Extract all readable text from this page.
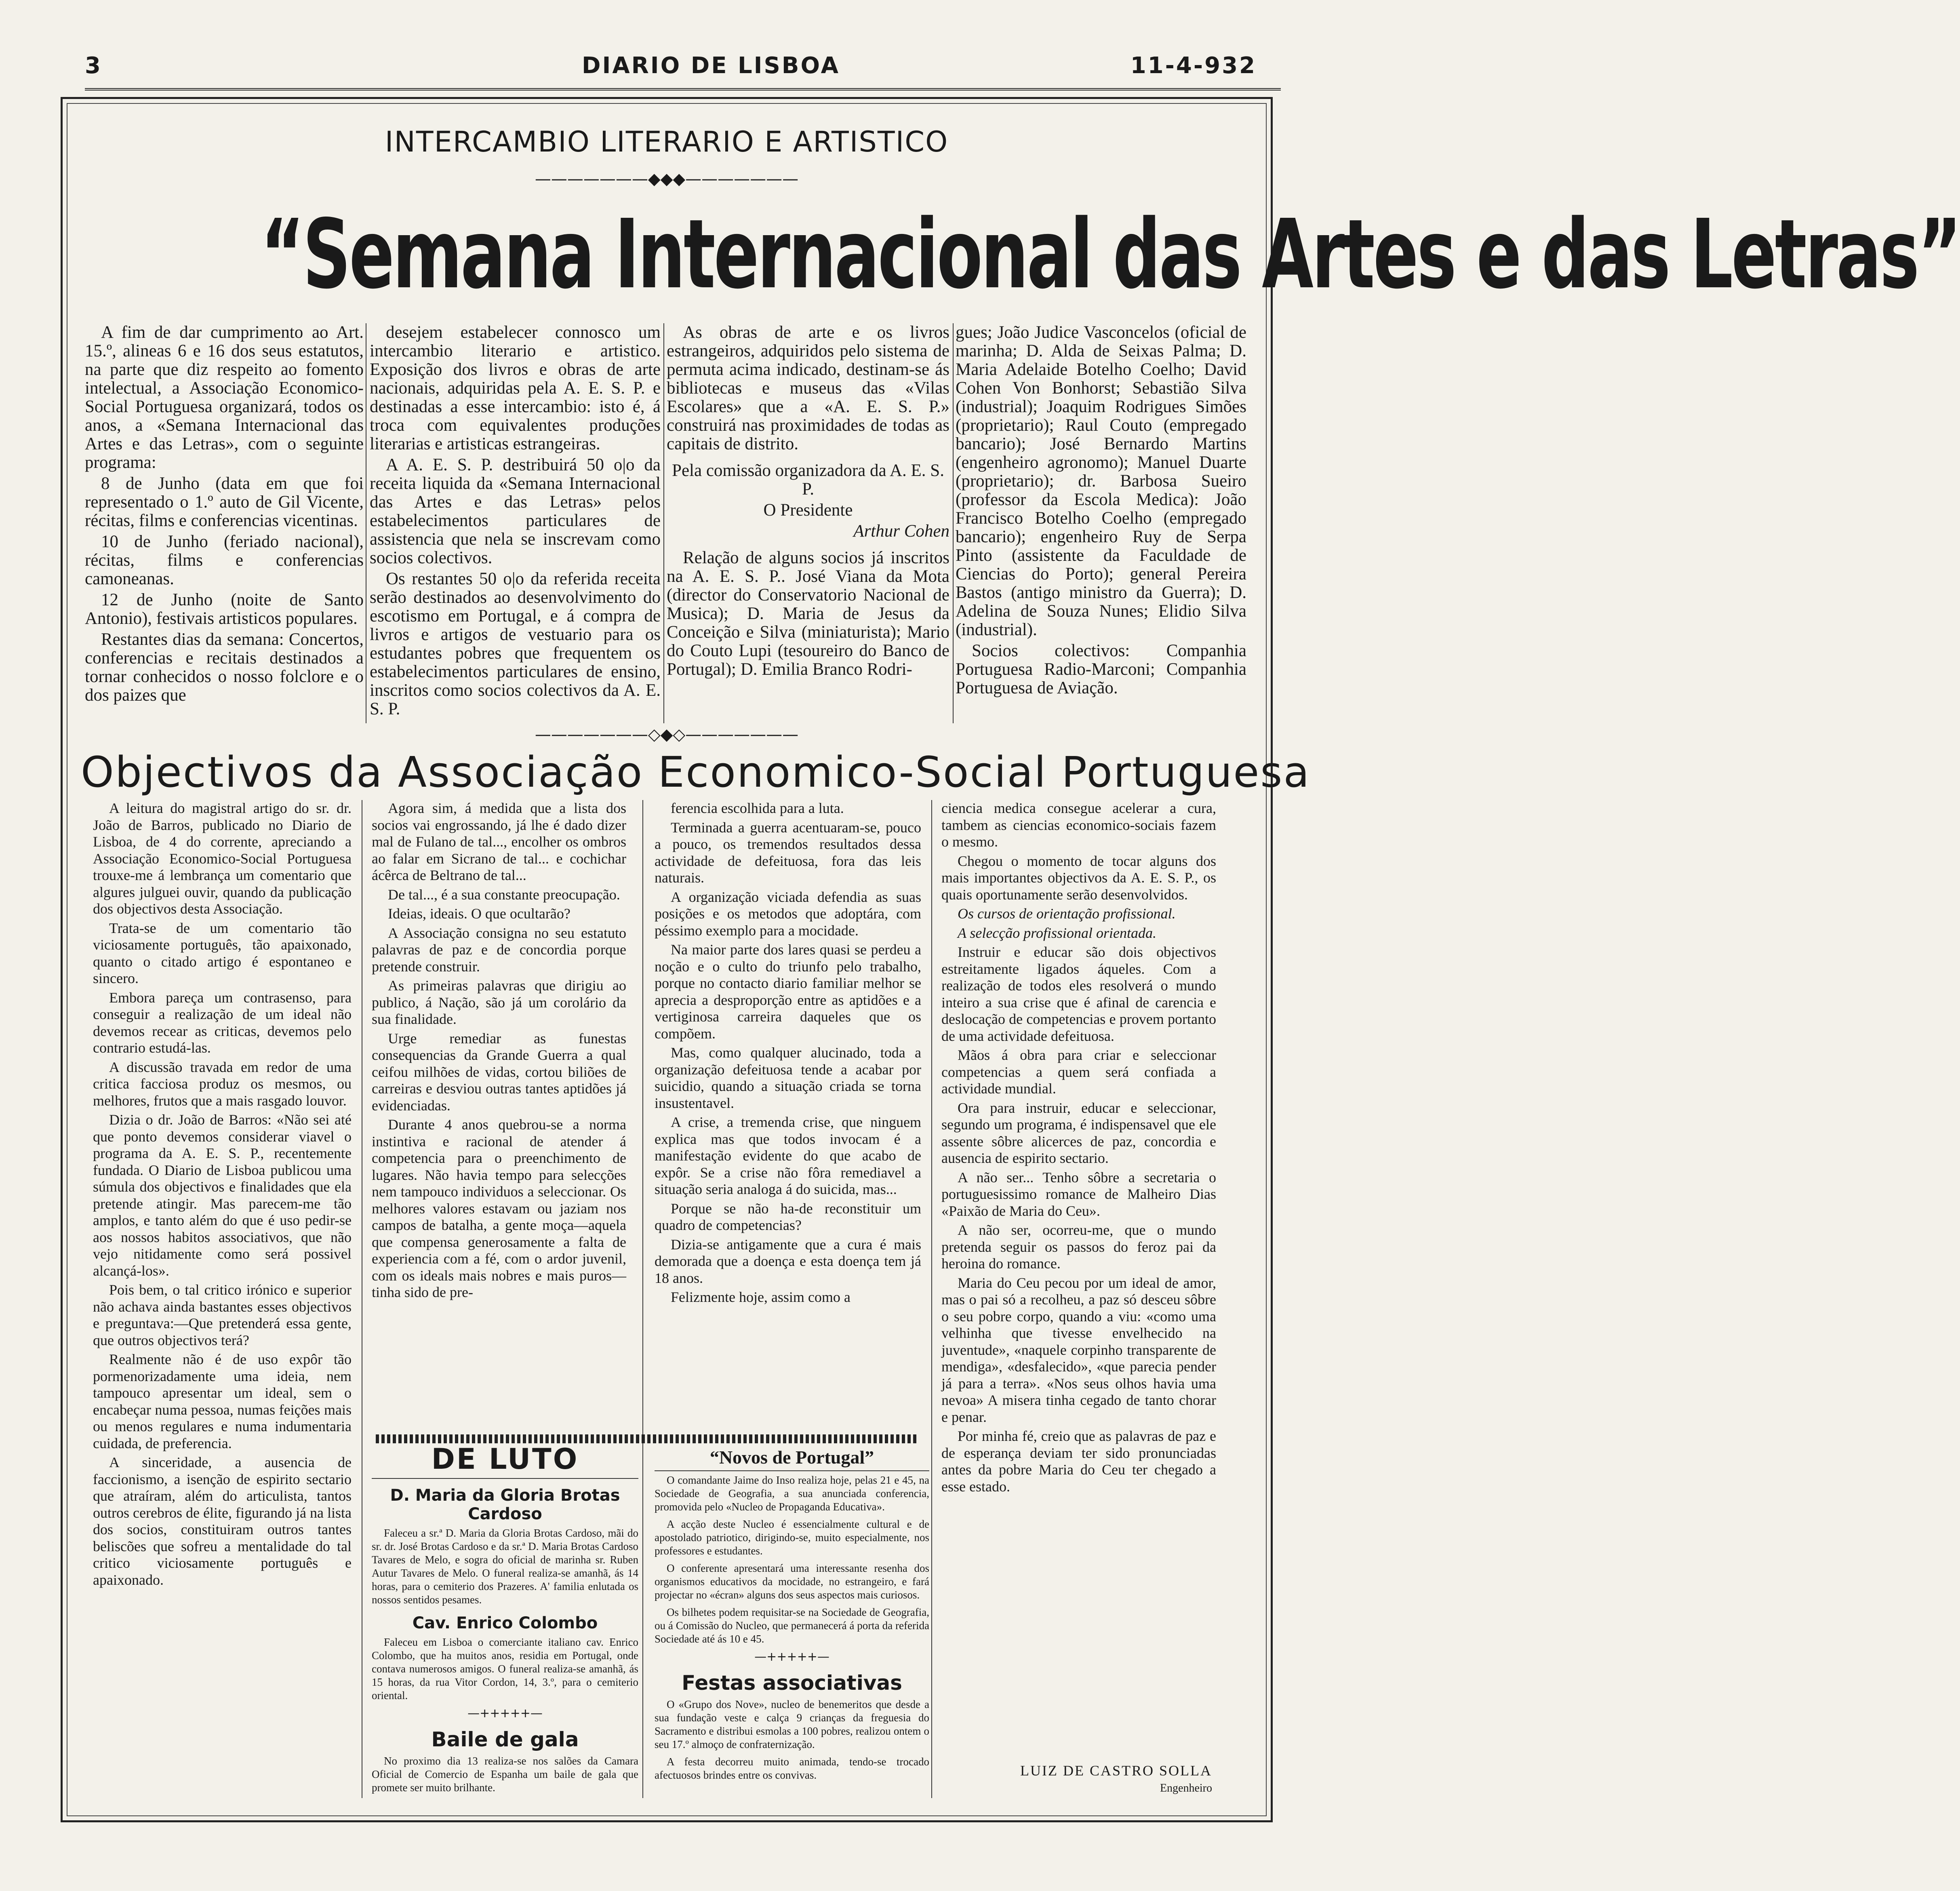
3	DIARIO DE LISBOA	11-4-932
INTERCAMBIO LITERARIO E ARTISTICO
———————◆◆◆———————
“Semana Internacional das Artes e das Letras”

A fim de dar cumprimento ao Art. 15.º, alineas 6 e 16 dos seus estatutos, na parte que diz respeito ao fomento intelectual, a Associação Economico-Social Portuguesa organizará, todos os anos, a «Semana Internacional das Artes e das Letras», com o seguinte programa:

8 de Junho (data em que foi representado o 1.º auto de Gil Vicente, récitas, films e conferencias vicentinas.

10 de Junho (feriado nacional), récitas, films e conferencias camoneanas.

12 de Junho (noite de Santo Antonio), festivais artisticos populares.

Restantes dias da semana: Concertos, conferencias e recitais destinados a tornar conhecidos o nosso folclore e o dos paizes que

desejem estabelecer connosco um intercambio literario e artistico. Exposição dos livros e obras de arte nacionais, adquiridas pela A. E. S. P. e destinadas a esse intercambio: isto é, á troca com equivalentes produções literarias e artisticas estrangeiras.

A A. E. S. P. destribuirá 50 o|o da receita liquida da «Semana Internacional das Artes e das Letras» pelos estabelecimentos particulares de assistencia que nela se inscrevam como socios colectivos.

Os restantes 50 o|o da referida receita serão destinados ao desenvolvimento do escotismo em Portugal, e á compra de livros e artigos de vestuario para os estudantes pobres que frequentem os estabelecimentos particulares de ensino, inscritos como socios colectivos da A. E. S. P.

As obras de arte e os livros estrangeiros, adquiridos pelo sistema de permuta acima indicado, destinam-se ás bibliotecas e museus das «Vilas Escolares» que a «A. E. S. P.» construirá nas proximidades de todas as capitais de distrito.

Pela comissão organizadora da A. E. S. P.

O Presidente

Arthur Cohen

Relação de alguns socios já inscritos na A. E. S. P.. José Viana da Mota (director do Conservatorio Nacional de Musica); D. Maria de Jesus da Conceição e Silva (miniaturista); Mario do Couto Lupi (tesoureiro do Banco de Portugal); D. Emilia Branco Rodri-

gues; João Judice Vasconcelos (oficial de marinha; D. Alda de Seixas Palma; D. Maria Adelaide Botelho Coelho; David Cohen Von Bonhorst; Sebastião Silva (industrial); Joaquim Rodrigues Simões (proprietario); Raul Couto (empregado bancario); José Bernardo Martins (engenheiro agronomo); Manuel Duarte (proprietario); dr. Barbosa Sueiro (professor da Escola Medica): João Francisco Botelho Coelho (empregado bancario); engenheiro Ruy de Serpa Pinto (assistente da Faculdade de Ciencias do Porto); general Pereira Bastos (antigo ministro da Guerra); D. Adelina de Souza Nunes; Elidio Silva (industrial).

Socios colectivos: Companhia Portuguesa Radio-Marconi; Companhia Portuguesa de Aviação.

———————◇◆◇———————
Objectivos da Associação Economico-Social Portuguesa

A leitura do magistral artigo do sr. dr. João de Barros, publicado no Diario de Lisboa, de 4 do corrente, apreciando a Associação Economico-Social Portuguesa trouxe-me á lembrança um comentario que algures julguei ouvir, quando da publicação dos objectivos desta Associação.

Trata-se de um comentario tão viciosamente português, tão apaixonado, quanto o citado artigo é espontaneo e sincero.

Embora pareça um contrasenso, para conseguir a realização de um ideal não devemos recear as criticas, devemos pelo contrario estudá-las.

A discussão travada em redor de uma critica facciosa produz os mesmos, ou melhores, frutos que a mais rasgado louvor.

Dizia o dr. João de Barros: «Não sei até que ponto devemos considerar viavel o programa da A. E. S. P., recentemente fundada. O Diario de Lisboa publicou uma súmula dos objectivos e finalidades que ela pretende atingir. Mas parecem-me tão amplos, e tanto além do que é uso pedir-se aos nossos habitos associativos, que não vejo nitidamente como será possivel alcançá-los».

Pois bem, o tal critico irónico e superior não achava ainda bastantes esses objectivos e preguntava:—Que pretenderá essa gente, que outros objectivos terá?

Realmente não é de uso expôr tão pormenorizadamente uma ideia, nem tampouco apresentar um ideal, sem o encabeçar numa pessoa, numas feições mais ou menos regulares e numa indumentaria cuidada, de preferencia.

A sinceridade, a ausencia de faccionismo, a isenção de espirito sectario que atraíram, além do articulista, tantos outros cerebros de élite, figurando já na lista dos socios, constituiram outros tantes beliscões que sofreu a mentalidade do tal critico viciosamente português e apaixonado.

Agora sim, á medida que a lista dos socios vai engrossando, já lhe é dado dizer mal de Fulano de tal..., encolher os ombros ao falar em Sicrano de tal... e cochichar ácêrca de Beltrano de tal...

De tal..., é a sua constante preocupação.

Ideias, ideais. O que ocultarão?

A Associação consigna no seu estatuto palavras de paz e de concordia porque pretende construir.

As primeiras palavras que dirigiu ao publico, á Nação, são já um corolário da sua finalidade.

Urge remediar as funestas consequencias da Grande Guerra a qual ceifou milhões de vidas, cortou biliões de carreiras e desviou outras tantes aptidões já evidenciadas.

Durante 4 anos quebrou-se a norma instintiva e racional de atender á competencia para o preenchimento de lugares. Não havia tempo para selecções nem tampouco individuos a seleccionar. Os melhores valores estavam ou jaziam nos campos de batalha, a gente moça—aquela que compensa generosamente a falta de experiencia com a fé, com o ardor juvenil, com os ideals mais nobres e mais puros—tinha sido de pre-

ferencia escolhida para a luta.

Terminada a guerra acentuaram-se, pouco a pouco, os tremendos resultados dessa actividade de defeituosa, fora das leis naturais.

A organização viciada defendia as suas posições e os metodos que adoptára, com péssimo exemplo para a mocidade.

Na maior parte dos lares quasi se perdeu a noção e o culto do triunfo pelo trabalho, porque no contacto diario familiar melhor se aprecia a desproporção entre as aptidões e a vertiginosa carreira daqueles que os compõem.

Mas, como qualquer alucinado, toda a organização defeituosa tende a acabar por suicidio, quando a situação criada se torna insustentavel.

A crise, a tremenda crise, que ninguem explica mas que todos invocam é a manifestação evidente do que acabo de expôr. Se a crise não fôra remediavel a situação seria analoga á do suicida, mas...

Porque se não ha-de reconstituir um quadro de competencias?

Dizia-se antigamente que a cura é mais demorada que a doença e esta doença tem já 18 anos.

Felizmente hoje, assim como a

ciencia medica consegue acelerar a cura, tambem as ciencias economico-sociais fazem o mesmo.

Chegou o momento de tocar alguns dos mais importantes objectivos da A. E. S. P., os quais oportunamente serão desenvolvidos.

Os cursos de orientação profissional.

A selecção profissional orientada.

Instruir e educar são dois objectivos estreitamente ligados áqueles. Com a realização de todos eles resolverá o mundo inteiro a sua crise que é afinal de carencia e deslocação de competencias e provem portanto de uma actividade defeituosa.

Mãos á obra para criar e seleccionar competencias a quem será confiada a actividade mundial.

Ora para instruir, educar e seleccionar, segundo um programa, é indispensavel que ele assente sôbre alicerces de paz, concordia e ausencia de espirito sectario.

A não ser... Tenho sôbre a secretaria o portuguesissimo romance de Malheiro Dias «Paixão de Maria do Ceu».

A não ser, ocorreu-me, que o mundo pretenda seguir os passos do feroz pai da heroina do romance.

Maria do Ceu pecou por um ideal de amor, mas o pai só a recolheu, a paz só desceu sôbre o seu pobre corpo, quando a viu: «como uma velhinha que tivesse envelhecido na juventude», «naquele corpinho transparente de mendiga», «desfalecido», «que parecia pender já para a terra». «Nos seus olhos havia uma nevoa» A misera tinha cegado de tanto chorar e penar.

Por minha fé, creio que as palavras de paz e de esperança deviam ter sido pronunciadas antes da pobre Maria do Ceu ter chegado a esse estado.

DE LUTO
D. Maria da Gloria Brotas Cardoso

Faleceu a sr.ª D. Maria da Gloria Brotas Cardoso, mãi do sr. dr. José Brotas Cardoso e da sr.ª D. Maria Brotas Cardoso Tavares de Melo, e sogra do oficial de marinha sr. Ruben Autur Tavares de Melo. O funeral realiza-se amanhã, ás 14 horas, para o cemiterio dos Prazeres. A' familia enlutada os nossos sentidos pesames.

Cav. Enrico Colombo

Faleceu em Lisboa o comerciante italiano cav. Enrico Colombo, que ha muitos anos, residia em Portugal, onde contava numerosos amigos. O funeral realiza-se amanhã, ás 15 horas, da rua Vitor Cordon, 14, 3.º, para o cemiterio oriental.

—+++++—
Baile de gala

No proximo dia 13 realiza-se nos salões da Camara Oficial de Comercio de Espanha um baile de gala que promete ser muito brilhante.

“Novos de Portugal”

O comandante Jaime do Inso realiza hoje, pelas 21 e 45, na Sociedade de Geografia, a sua anunciada conferencia, promovida pelo «Nucleo de Propaganda Educativa».

A acção deste Nucleo é essencialmente cultural e de apostolado patriotico, dirigindo-se, muito especialmente, nos professores e estudantes.

O conferente apresentará uma interessante resenha dos organismos educativos da mocidade, no estrangeiro, e fará projectar no «écran» alguns dos seus aspectos mais curiosos.

Os bilhetes podem requisitar-se na Sociedade de Geografia, ou á Comissão do Nucleo, que permanecerá á porta da referida Sociedade até ás 10 e 45.

—+++++—
Festas associativas

O «Grupo dos Nove», nucleo de benemeritos que desde a sua fundação veste e calça 9 crianças da freguesia do Sacramento e distribui esmolas a 100 pobres, realizou ontem o seu 17.º almoço de confraternização.

A festa decorreu muito animada, tendo-se trocado afectuosos brindes entre os convivas.	LUIZ DE CASTRO SOLLA
Engenheiro
